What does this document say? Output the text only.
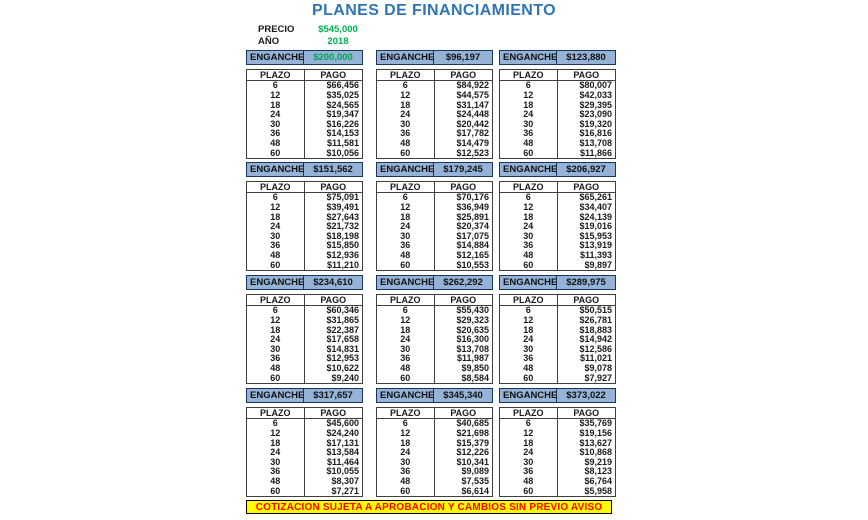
PLANES DE FINANCIAMIENTO
PRECIO	$545,000
AÑO	2018
ENGANCHE $200,000
PLAZO	PAGO
6	$66,456
12	$35,025
18	$24,565
24	$19,347
30	$16,226
36	$14,153
48	$11,581
60	$10,056
ENGANCHE	$96,197
PLAZO	PAGO
6	$84,922
12	$44,575
18	$31,147
24	$24,448
30	$20,442
36	$17,782
48	$14,479
60	$12,523
ENGANCHE $123,880
PLAZO	PAGO
6	$80,007
12	$42,033
18	$29,395
24	$23,090
30	$19,320
36	$16,816
48	$13,708
60	$11,866
ENGANCHE $151,562
PLAZO	PAGO
6	$75,091
12	$39,491
18	$27,643
24	$21,732
30	$18,198
36	$15,850
48	$12,936
60	$11,210
ENGANCHE $179,245
PLAZO	PAGO
6	$70,176
12	$36,949
18	$25,891
24	$20,374
30	$17,075
36	$14,884
48	$12,165
60	$10,553
ENGANCHE $206,927
PLAZO	PAGO
6	$65,261
12	$34,407
18	$24,139
24	$19,016
30	$15,953
36	$13,919
48	$11,393
60	$9,897
ENGANCHE $234,610
PLAZO	PAGO
6	$60,346
12	$31,865
18	$22,387
24	$17,658
30	$14,831
36	$12,953
48	$10,622
60	$9,240
ENGANCHE $262,292
PLAZO	PAGO
6	$55,430
12	$29,323
18	$20,635
24	$16,300
30	$13,708
36	$11,987
48	$9,850
60	$8,584
ENGANCHE $289,975
PLAZO	PAGO
6	$50,515
12	$26,781
18	$18,883
24	$14,942
30	$12,586
36	$11,021
48	$9,078
60	$7,927
ENGANCHE $317,657
PLAZO	PAGO
6	$45,600
12	$24,240
18	$17,131
24	$13,584
30	$11,464
36	$10,055
48	$8,307
60	$7,271
ENGANCHE $345,340
PLAZO	PAGO
6	$40,685
12	$21,698
18	$15,379
24	$12,226
30	$10,341
36	$9,089
48	$7,535
60	$6,614
ENGANCHE $373,022
PLAZO	PAGO
6	$35,769
12	$19,156
18	$13,627
24	$10,868
30	$9,219
36	$8,123
48	$6,764
60	$5,958
COTIZACION SUJETA A APROBACION Y CAMBIOS SIN PREVIO AVISO
